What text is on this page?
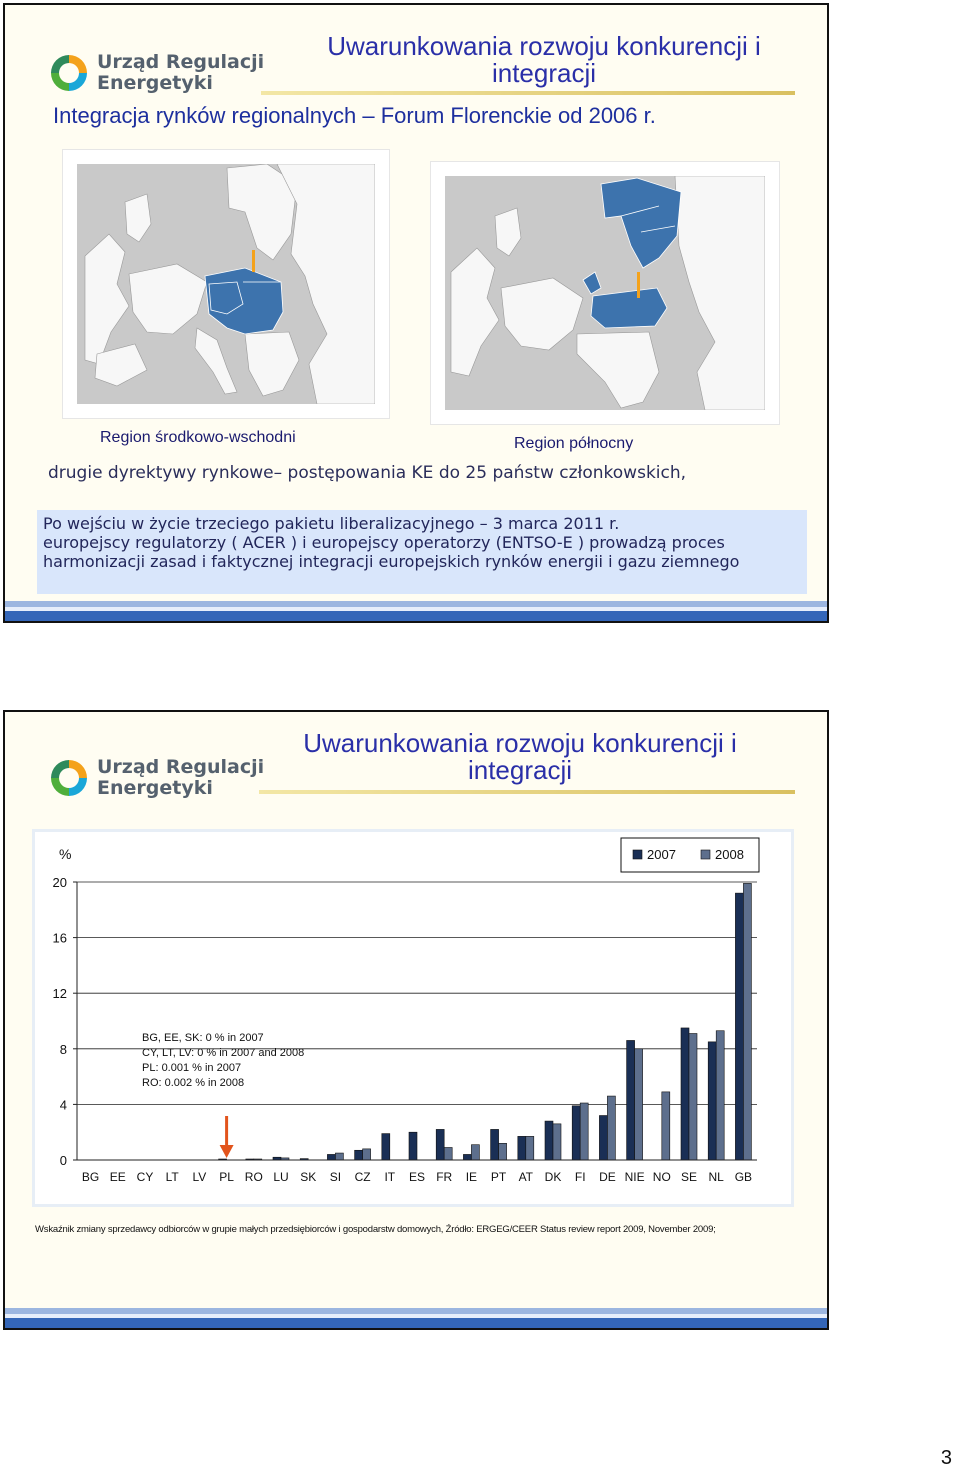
Urząd Regulacji
Energetyki
Uwarunkowania rozwoju konkurencji i integracji
Integracja rynków regionalnych – Forum Florenckie od 2006 r.
Region środkowo-wschodni	Region północny
drugie dyrektywy rynkowe– postępowania KE do 25 państw członkowskich,
Po wejściu w życie trzeciego pakietu liberalizacyjnego – 3 marca 2011 r.
europejscy regulatorzy ( ACER ) i europejscy operatorzy (ENTSO-E ) prowadzą proces
harmonizacji zasad i faktycznej integracji europejskich rynków energii i gazu ziemnego
Urząd Regulacji
Energetyki
Uwarunkowania rozwoju konkurencji i integracji
0
4
8
12
16
20
BG EE CY LT LV PL RO LU SK SI CZ IT ES FR IE PT AT DK FI DE NIE NO SE NL GB
%	2007	2008
BG, EE, SK: 0 % in 2007
CY, LT, LV: 0 % in 2007 and 2008
PL: 0.001 % in 2007
RO: 0.002 % in 2008
Wskaźnik zmiany sprzedawcy odbiorców w grupie małych przedsiębiorców i gospodarstw domowych, Źródło: ERGEG/CEER Status review report 2009, November 2009;
3
